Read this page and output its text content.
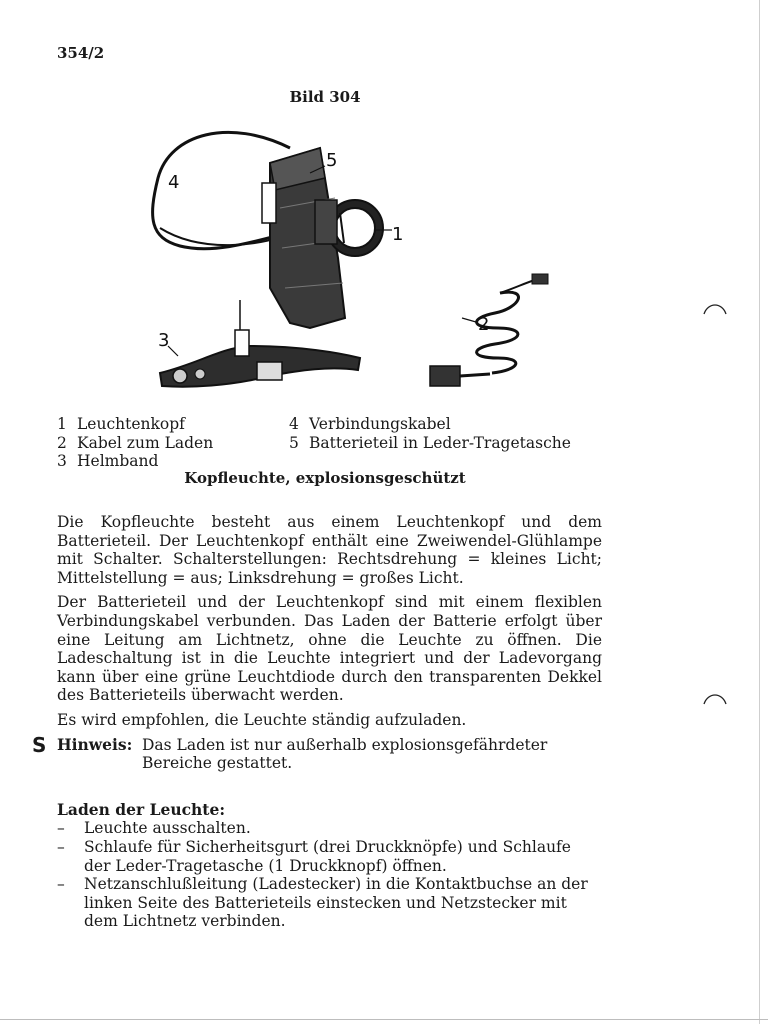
354/2
Bild 304
1
2
3
4
5
1 Leuchtenkopf
2 Kabel zum Laden
3 Helmband
4 Verbindungskabel
5 Batterieteil in Leder-Tragetasche
Kopfleuchte, explosionsgeschützt

Die Kopfleuchte besteht aus einem Leuchtenkopf und dem Batterieteil. Der Leuchtenkopf enthält eine Zweiwendel-Glühlampe mit Schalter. Schalterstellungen: Rechtsdrehung = kleines Licht; Mittelstellung = aus; Linksdrehung = großes Licht.

Der Batterieteil und der Leuchtenkopf sind mit einem flexiblen Verbindungskabel verbunden. Das Laden der Batterie erfolgt über eine Leitung am Lichtnetz, ohne die Leuchte zu öffnen. Die Ladeschaltung ist in die Leuchte integriert und der Ladevorgang kann über eine grüne Leuchtdiode durch den transparenten Dekkel des Batterieteils überwacht werden.

Es wird empfohlen, die Leuchte ständig aufzuladen.

S Hinweis: Das Laden ist nur außerhalb explosionsgefährdeter Bereiche gestattet.
Laden der Leuchte:
– Leuchte ausschalten.
– Schlaufe für Sicherheitsgurt (drei Druckknöpfe) und Schlaufe der Leder-Tragetasche (1 Druckknopf) öffnen.
– Netzanschlußleitung (Ladestecker) in die Kontaktbuchse an der linken Seite des Batterieteils einstecken und Netzstecker mit dem Lichtnetz verbinden.
